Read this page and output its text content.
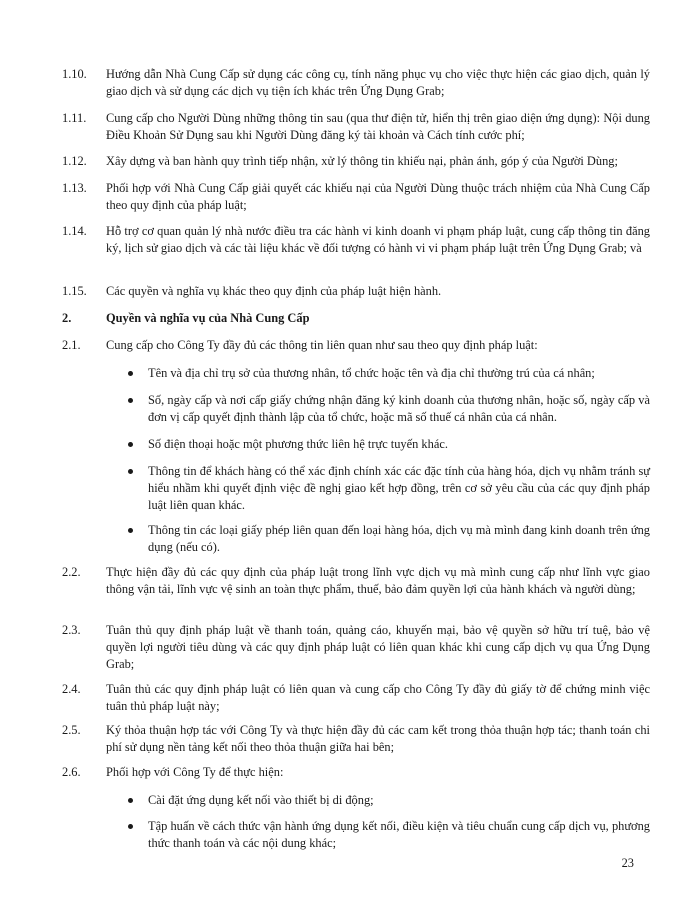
1.10.	Hướng dẫn Nhà Cung Cấp sử dụng các công cụ, tính năng phục vụ cho việc thực hiện các giao dịch, quản lý giao dịch và sử dụng các dịch vụ tiện ích khác trên Ứng Dụng Grab;
1.11.	Cung cấp cho Người Dùng những thông tin sau (qua thư điện tử, hiển thị trên giao diện ứng dụng): Nội dung Điều Khoản Sử Dụng sau khi Người Dùng đăng ký tài khoản và Cách tính cước phí;
1.12.	Xây dựng và ban hành quy trình tiếp nhận, xử lý thông tin khiếu nại, phản ánh, góp ý của Người Dùng;
1.13.	Phối hợp với Nhà Cung Cấp giải quyết các khiếu nại của Người Dùng thuộc trách nhiệm của Nhà Cung Cấp theo quy định của pháp luật;
1.14.	Hỗ trợ cơ quan quản lý nhà nước điều tra các hành vi kinh doanh vi phạm pháp luật, cung cấp thông tin đăng ký, lịch sử giao dịch và các tài liệu khác về đối tượng có hành vi vi phạm pháp luật trên Ứng Dụng Grab; và
1.15.	Các quyền và nghĩa vụ khác theo quy định của pháp luật hiện hành.
2.	Quyền và nghĩa vụ của Nhà Cung Cấp
2.1.	Cung cấp cho Công Ty đầy đủ các thông tin liên quan như sau theo quy định pháp luật:
Tên và địa chỉ trụ sở của thương nhân, tổ chức hoặc tên và địa chỉ thường trú của cá nhân;
Số, ngày cấp và nơi cấp giấy chứng nhận đăng ký kinh doanh của thương nhân, hoặc số, ngày cấp và đơn vị cấp quyết định thành lập của tổ chức, hoặc mã số thuế cá nhân của cá nhân.
Số điện thoại hoặc một phương thức liên hệ trực tuyến khác.
Thông tin để khách hàng có thể xác định chính xác các đặc tính của hàng hóa, dịch vụ nhằm tránh sự hiểu nhầm khi quyết định việc đề nghị giao kết hợp đồng, trên cơ sở yêu cầu của các quy định pháp luật liên quan khác.
Thông tin các loại giấy phép liên quan đến loại hàng hóa, dịch vụ mà mình đang kinh doanh trên ứng dụng (nếu có).
2.2.	Thực hiện đầy đủ các quy định của pháp luật trong lĩnh vực dịch vụ mà mình cung cấp như lĩnh vực giao thông vận tải, lĩnh vực vệ sinh an toàn thực phẩm, thuế, bảo đảm quyền lợi của hành khách và người dùng;
2.3.	Tuân thủ quy định pháp luật về thanh toán, quảng cáo, khuyến mại, bảo vệ quyền sở hữu trí tuệ, bảo vệ quyền lợi người tiêu dùng và các quy định pháp luật có liên quan khác khi cung cấp dịch vụ qua Ứng Dụng Grab;
2.4.	Tuân thủ các quy định pháp luật có liên quan và cung cấp cho Công Ty đầy đủ giấy tờ để chứng minh việc tuân thủ pháp luật này;
2.5.	Ký thỏa thuận hợp tác với Công Ty và thực hiện đầy đủ các cam kết trong thỏa thuận hợp tác; thanh toán chi phí sử dụng nền tảng kết nối theo thỏa thuận giữa hai bên;
2.6.	Phối hợp với Công Ty để thực hiện:
Cài đặt ứng dụng kết nối vào thiết bị di động;
Tập huấn về cách thức vận hành ứng dụng kết nối, điều kiện và tiêu chuẩn cung cấp dịch vụ, phương thức thanh toán và các nội dung khác;
23
